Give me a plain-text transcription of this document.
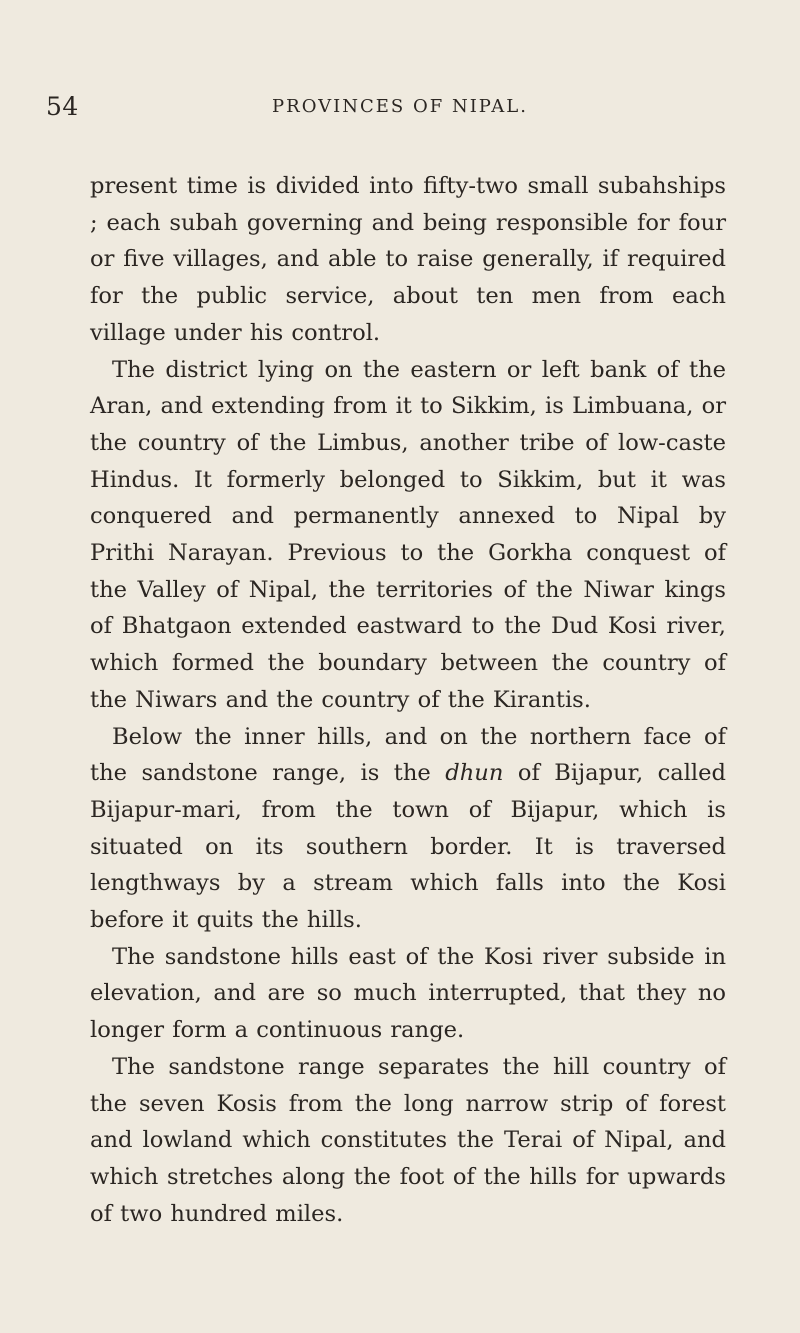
54	PROVINCES OF NIPAL.

present time is divided into fifty-two small subahships ; each subah governing and being responsible for four or five villages, and able to raise generally, if required for the public service, about ten men from each village under his control.

The district lying on the eastern or left bank of the Aran, and extending from it to Sikkim, is Limbuana, or the country of the Limbus, another tribe of low-caste Hindus. It formerly belonged to Sikkim, but it was conquered and permanently annexed to Nipal by Prithi Narayan. Previous to the Gorkha conquest of the Valley of Nipal, the territories of the Niwar kings of Bhatgaon extended eastward to the Dud Kosi river, which formed the boundary between the country of the Niwars and the country of the Kirantis.

Below the inner hills, and on the northern face of the sandstone range, is the dhun of Bijapur, called Bijapur-mari, from the town of Bijapur, which is situated on its southern border. It is traversed lengthways by a stream which falls into the Kosi before it quits the hills.

The sandstone hills east of the Kosi river subside in elevation, and are so much interrupted, that they no longer form a continuous range.

The sandstone range separates the hill country of the seven Kosis from the long narrow strip of forest and lowland which constitutes the Terai of Nipal, and which stretches along the foot of the hills for upwards of two hundred miles.
